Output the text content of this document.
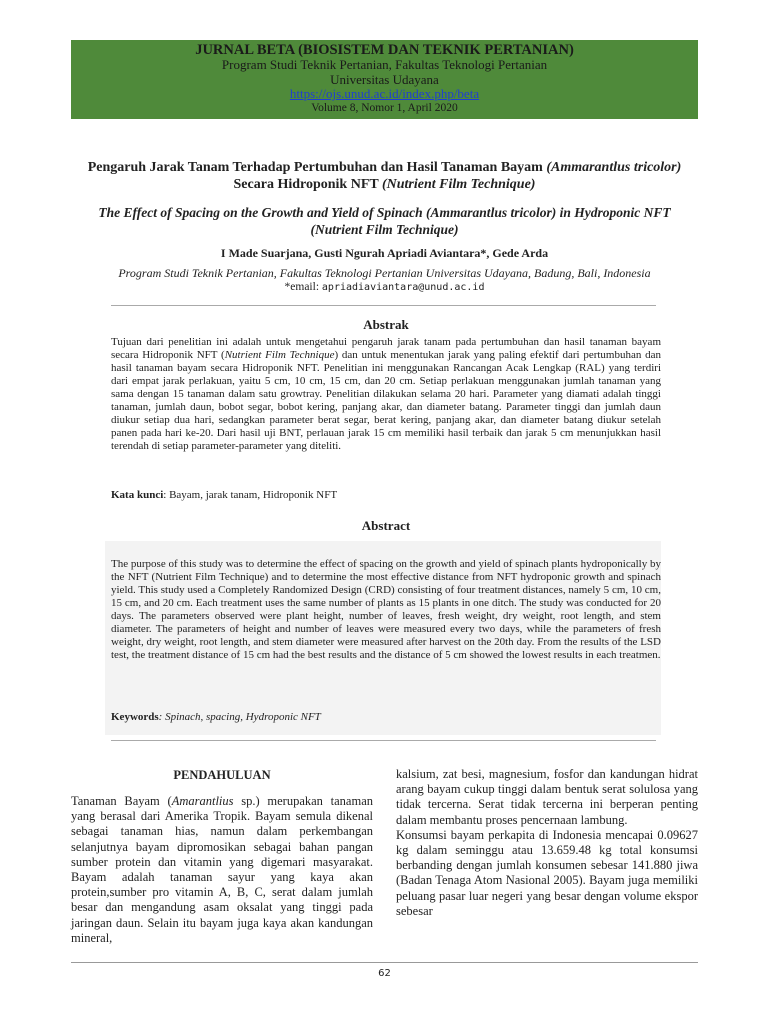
JURNAL BETA (BIOSISTEM DAN TEKNIK PERTANIAN)
Program Studi Teknik Pertanian, Fakultas Teknologi Pertanian
Universitas Udayana
https://ojs.unud.ac.id/index.php/beta
Volume 8, Nomor 1, April 2020
Pengaruh Jarak Tanam Terhadap Pertumbuhan dan Hasil Tanaman Bayam (Ammarantlus tricolor)
Secara Hidroponik NFT (Nutrient Film Technique)
The Effect of Spacing on the Growth and Yield of Spinach (Ammarantlus tricolor) in Hydroponic NFT (Nutrient Film Technique)
I Made Suarjana, Gusti Ngurah Apriadi Aviantara*, Gede Arda
Program Studi Teknik Pertanian, Fakultas Teknologi Pertanian Universitas Udayana, Badung, Bali, Indonesia
*email: apriadiaviantara@unud.ac.id
Abstrak
Tujuan dari penelitian ini adalah untuk mengetahui pengaruh jarak tanam pada pertumbuhan dan hasil tanaman bayam secara Hidroponik NFT (Nutrient Film Technique) dan untuk menentukan jarak yang paling efektif dari pertumbuhan dan hasil tanaman bayam secara Hidroponik NFT. Penelitian ini menggunakan Rancangan Acak Lengkap (RAL) yang terdiri dari empat jarak perlakuan, yaitu 5 cm, 10 cm, 15 cm, dan 20 cm. Setiap perlakuan menggunakan jumlah tanaman yang sama dengan 15 tanaman dalam satu growtray. Penelitian dilakukan selama 20 hari. Parameter yang diamati adalah tinggi tanaman, jumlah daun, bobot segar, bobot kering, panjang akar, dan diameter batang. Parameter tinggi dan jumlah daun diukur setiap dua hari, sedangkan parameter berat segar, berat kering, panjang akar, dan diameter batang diukur setelah panen pada hari ke-20. Dari hasil uji BNT, perlauan jarak 15 cm memiliki hasil terbaik dan jarak 5 cm menunjukkan hasil terendah di setiap parameter-parameter yang diteliti.
Kata kunci: Bayam, jarak tanam, Hidroponik NFT
Abstract
The purpose of this study was to determine the effect of spacing on the growth and yield of spinach plants hydroponically by the NFT (Nutrient Film Technique) and to determine the most effective distance from NFT hydroponic growth and spinach yield. This study used a Completely Randomized Design (CRD) consisting of four treatment distances, namely 5 cm, 10 cm, 15 cm, and 20 cm. Each treatment uses the same number of plants as 15 plants in one ditch. The study was conducted for 20 days. The parameters observed were plant height, number of leaves, fresh weight, dry weight, root length, and stem diameter. The parameters of height and number of leaves were measured every two days, while the parameters of fresh weight, dry weight, root length, and stem diameter were measured after harvest on the 20th day. From the results of the LSD test, the treatment distance of 15 cm had the best results and the distance of 5 cm showed the lowest results in each treatmen.
Keywords: Spinach, spacing, Hydroponic NFT
PENDAHULUAN
Tanaman Bayam (Amarantlius sp.) merupakan tanaman yang berasal dari Amerika Tropik. Bayam semula dikenal sebagai tanaman hias, namun dalam perkembangan selanjutnya bayam dipromosikan sebagai bahan pangan sumber protein dan vitamin yang digemari masyarakat. Bayam adalah tanaman sayur yang kaya akan protein,sumber pro vitamin A, B, C, serat dalam jumlah besar dan mengandung asam oksalat yang tinggi pada jaringan daun. Selain itu bayam juga kaya akan kandungan mineral,
kalsium, zat besi, magnesium, fosfor dan kandungan hidrat arang bayam cukup tinggi dalam bentuk serat solulosa yang tidak tercerna. Serat tidak tercerna ini berperan penting dalam membantu proses pencernaan lambung.
Konsumsi bayam perkapita di Indonesia mencapai 0.09627 kg dalam seminggu atau 13.659.48 kg total konsumsi berbanding dengan jumlah konsumen sebesar 141.880 jiwa (Badan Tenaga Atom Nasional 2005). Bayam juga memiliki peluang pasar luar negeri yang besar dengan volume ekspor sebesar
62
